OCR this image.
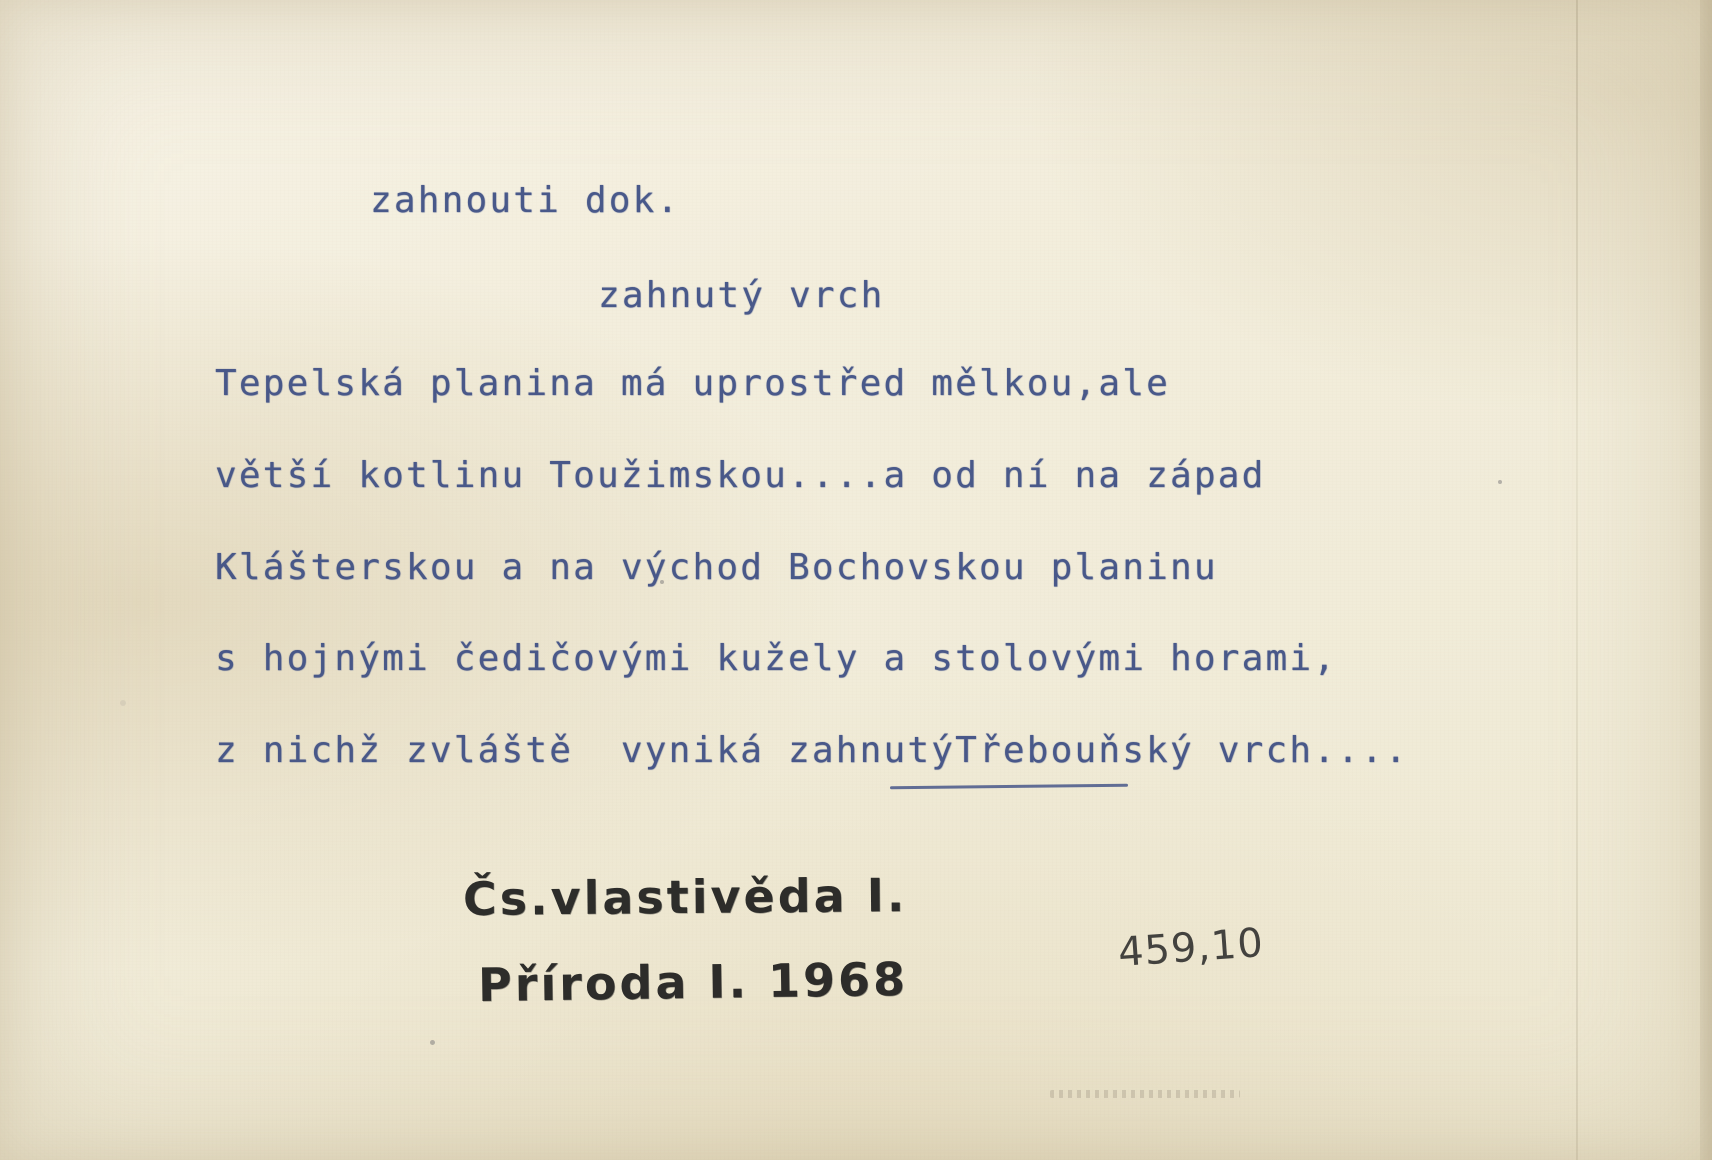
zahnouti dok.
zahnutý vrch
Tepelská planina má uprostřed mělkou,ale
větší kotlinu Toužimskou....a od ní na západ
Klášterskou a na východ Bochovskou planinu
s hojnými čedičovými kužely a stolovými horami,
z nichž zvláště  vyniká zahnutýTřebouňský vrch....
Čs.vlastivěda I.
Příroda I. 1968
459,10
